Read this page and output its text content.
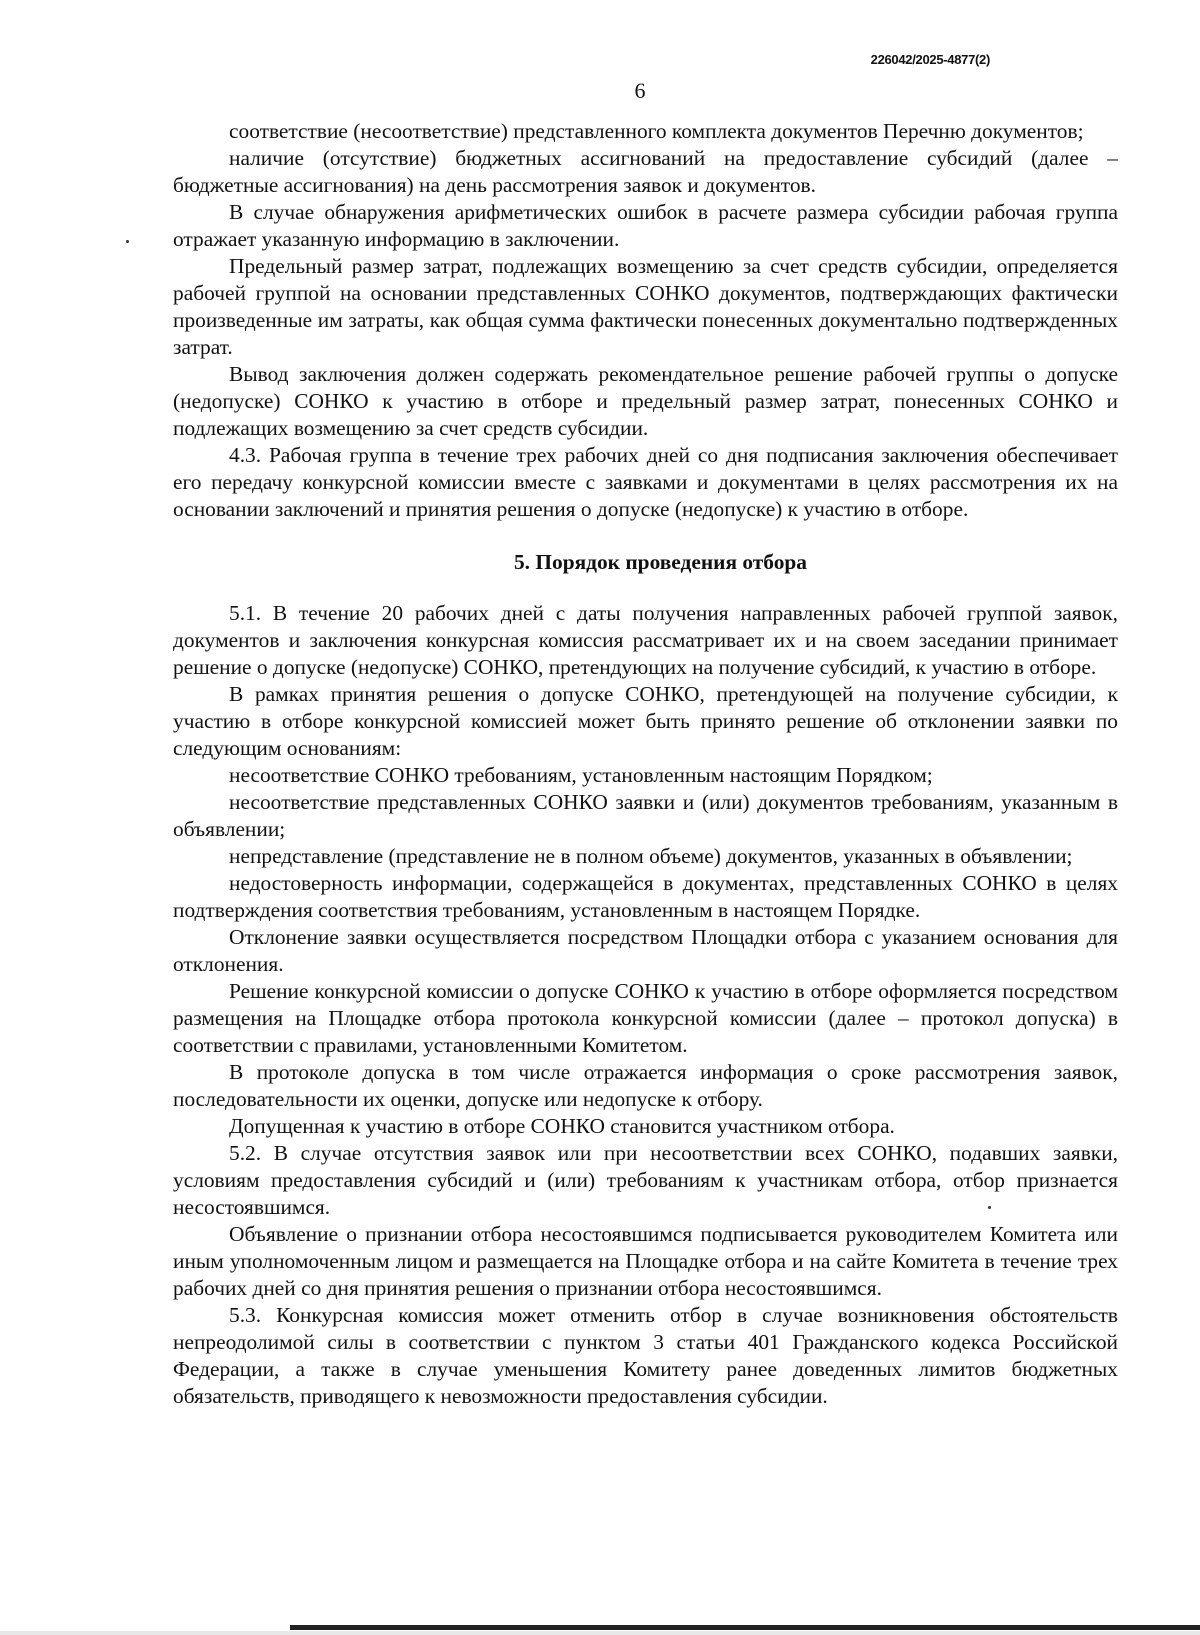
226042/2025-4877(2)
6

соответствие (несоответствие) представленного комплекта документов Перечню документов;

наличие (отсутствие) бюджетных ассигнований на предоставление субсидий (далее – бюджетные ассигнования) на день рассмотрения заявок и документов.

В случае обнаружения арифметических ошибок в расчете размера субсидии рабочая группа отражает указанную информацию в заключении.

Предельный размер затрат, подлежащих возмещению за счет средств субсидии, определяется рабочей группой на основании представленных СОНКО документов, подтверждающих фактически произведенные им затраты, как общая сумма фактически понесенных документально подтвержденных затрат.

Вывод заключения должен содержать рекомендательное решение рабочей группы о допуске (недопуске) СОНКО к участию в отборе и предельный размер затрат, понесенных СОНКО и подлежащих возмещению за счет средств субсидии.

4.3. Рабочая группа в течение трех рабочих дней со дня подписания заключения обеспечивает его передачу конкурсной комиссии вместе с заявками и документами в целях рассмотрения их на основании заключений и принятия решения о допуске (недопуске) к участию в отборе.

5. Порядок проведения отбора

5.1. В течение 20 рабочих дней с даты получения направленных рабочей группой заявок, документов и заключения конкурсная комиссия рассматривает их и на своем заседании принимает решение о допуске (недопуске) СОНКО, претендующих на получение субсидий, к участию в отборе.

В рамках принятия решения о допуске СОНКО, претендующей на получение субсидии, к участию в отборе конкурсной комиссией может быть принято решение об отклонении заявки по следующим основаниям:

несоответствие СОНКО требованиям, установленным настоящим Порядком;

несоответствие представленных СОНКО заявки и (или) документов требованиям, указанным в объявлении;

непредставление (представление не в полном объеме) документов, указанных в объявлении;

недостоверность информации, содержащейся в документах, представленных СОНКО в целях подтверждения соответствия требованиям, установленным в настоящем Порядке.

Отклонение заявки осуществляется посредством Площадки отбора с указанием основания для отклонения.

Решение конкурсной комиссии о допуске СОНКО к участию в отборе оформляется посредством размещения на Площадке отбора протокола конкурсной комиссии (далее – протокол допуска) в соответствии с правилами, установленными Комитетом.

В протоколе допуска в том числе отражается информация о сроке рассмотрения заявок, последовательности их оценки, допуске или недопуске к отбору.

Допущенная к участию в отборе СОНКО становится участником отбора.

5.2. В случае отсутствия заявок или при несоответствии всех СОНКО, подавших заявки, условиям предоставления субсидий и (или) требованиям к участникам отбора, отбор признается несостоявшимся.

Объявление о признании отбора несостоявшимся подписывается руководителем Комитета или иным уполномоченным лицом и размещается на Площадке отбора и на сайте Комитета в течение трех рабочих дней со дня принятия решения о признании отбора несостоявшимся.

5.3. Конкурсная комиссия может отменить отбор в случае возникновения обстоятельств непреодолимой силы в соответствии с пунктом 3 статьи 401 Гражданского кодекса Российской Федерации, а также в случае уменьшения Комитету ранее доведенных лимитов бюджетных обязательств, приводящего к невозможности предоставления субсидии.
